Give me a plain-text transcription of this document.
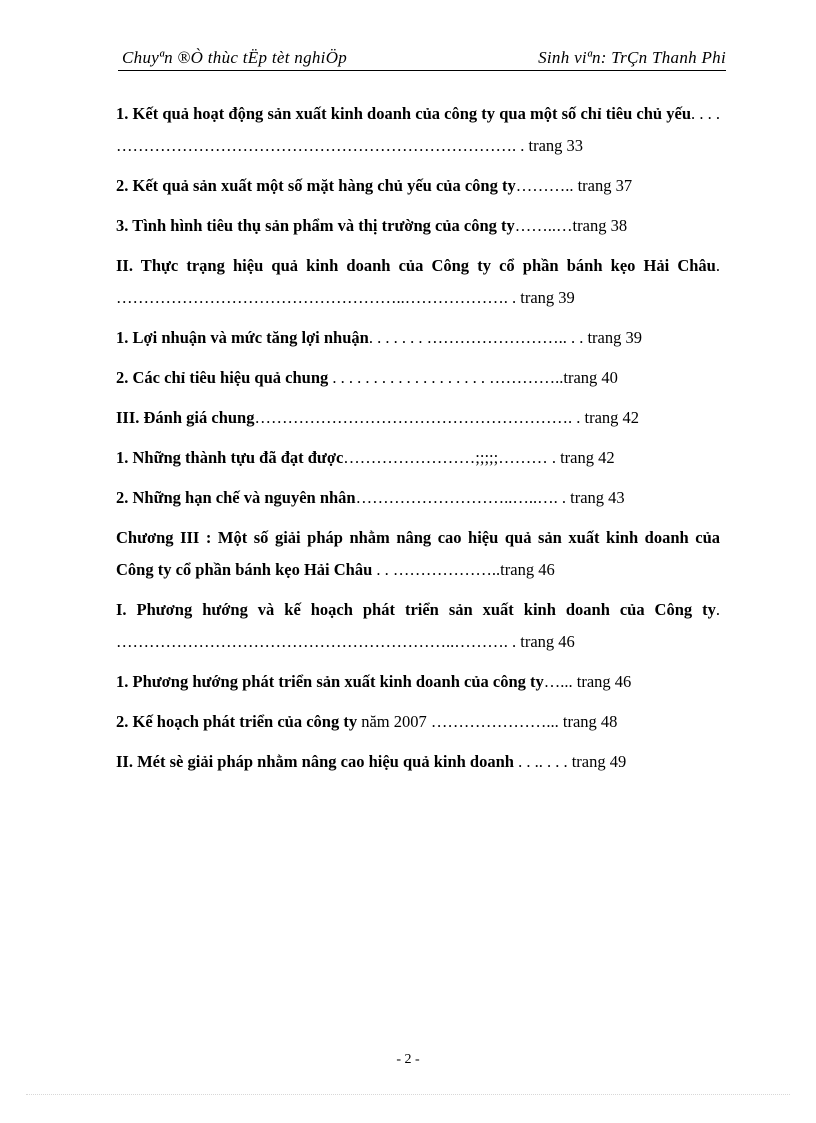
Chuyªn ®Ò thùc tËp tèt nghiÖp	Sinh viªn: TrÇn Thanh Phi
1. Kết quả hoạt động sản xuất kinh doanh của công ty qua một số chỉ tiêu chủ yếu. . . . ………………………………………………………………. . trang 33
2. Kết quả sản xuất một số mặt hàng chủ yếu của công ty……….. trang 37
3. Tình hình tiêu thụ sản phẩm và thị trường của công ty……..…trang 38
II. Thực trạng hiệu quả kinh doanh của Công ty cổ phần bánh kẹo Hải Châu. ……………………………………………..………………. . trang 39
1. Lợi nhuận và mức tăng lợi nhuận. . . . . . . …………………….. . . trang 39
2. Các chỉ tiêu hiệu quả chung . . . . . . . . . . . . . . . . . . . …………..trang 40
III. Đánh giá chung…………………………………………………. . trang 42
1. Những thành tựu đã đạt được……………………;;;;;……… . trang 42
2. Những hạn chế và nguyên nhân………………………..…..…. . trang 43
Chương III : Một số giải pháp nhằm nâng cao hiệu quả sản xuất kinh doanh của Công ty cổ phần bánh kẹo Hải Châu . . ………………..trang 46
I. Phương hướng và kế hoạch phát triển sản xuất kinh doanh của Công ty. ……………………………………………………..………. . trang 46
1. Phương hướng phát triển sản xuất kinh doanh của công ty…... trang 46
2. Kế hoạch phát triển của công ty năm 2007 …………………... trang 48
II. Mét sè giải pháp nhằm nâng cao hiệu quả kinh doanh . . .. . . . trang 49
- 2 -
